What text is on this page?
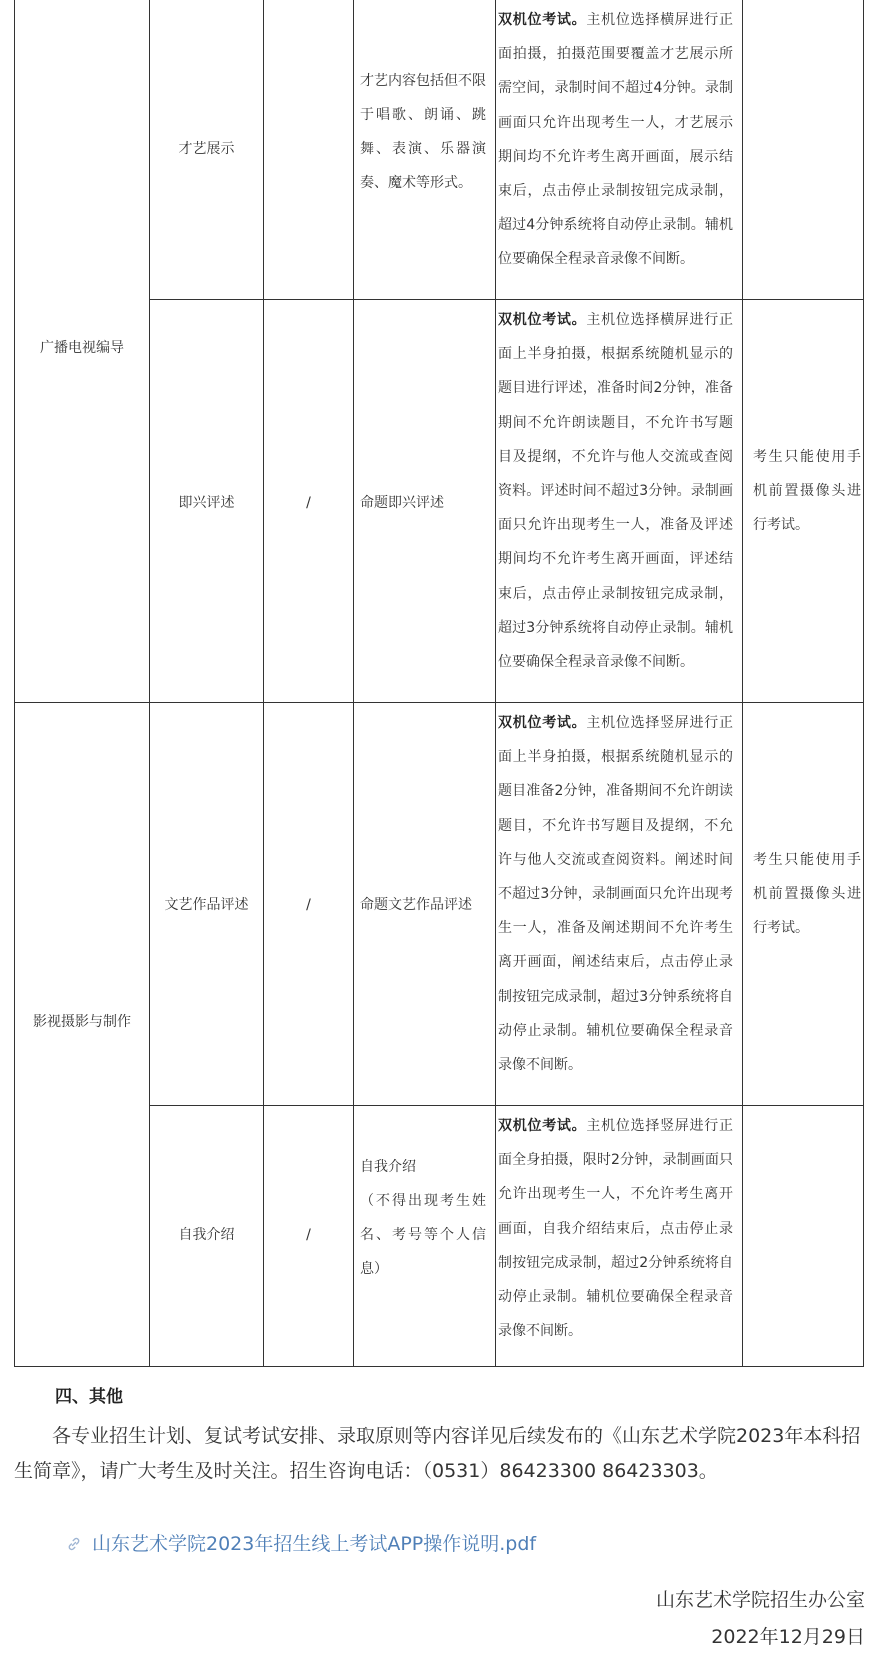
广播电视编导
影视摄影与制作
才艺展示
即兴评述
文艺作品评述
自我介绍
/
/
/
才艺内容包括但不限于唱歌、朗诵、跳舞、表演、乐器演奏、魔术等形式。
命题即兴评述
命题文艺作品评述
自我介绍
（不得出现考生姓名、考号等个人信息）
双机位考试。主机位选择横屏进行正面拍摄，拍摄范围要覆盖才艺展示所需空间，录制时间不超过4分钟。录制画面只允许出现考生一人，才艺展示期间均不允许考生离开画面，展示结束后，点击停止录制按钮完成录制，超过4分钟系统将自动停止录制。辅机位要确保全程录音录像不间断。
双机位考试。主机位选择横屏进行正面上半身拍摄，根据系统随机显示的题目进行评述，准备时间2分钟，准备期间不允许朗读题目，不允许书写题目及提纲，不允许与他人交流或查阅资料。评述时间不超过3分钟。录制画面只允许出现考生一人，准备及评述期间均不允许考生离开画面，评述结束后，点击停止录制按钮完成录制，超过3分钟系统将自动停止录制。辅机位要确保全程录音录像不间断。
双机位考试。主机位选择竖屏进行正面上半身拍摄，根据系统随机显示的题目准备2分钟，准备期间不允许朗读题目，不允许书写题目及提纲，不允许与他人交流或查阅资料。阐述时间不超过3分钟，录制画面只允许出现考生一人，准备及阐述期间不允许考生离开画面，阐述结束后，点击停止录制按钮完成录制，超过3分钟系统将自动停止录制。辅机位要确保全程录音录像不间断。
双机位考试。主机位选择竖屏进行正面全身拍摄，限时2分钟，录制画面只允许出现考生一人，不允许考生离开画面，自我介绍结束后，点击停止录制按钮完成录制，超过2分钟系统将自动停止录制。辅机位要确保全程录音录像不间断。
考生只能使用手机前置摄像头进行考试。
考生只能使用手机前置摄像头进行考试。
四、其他
各专业招生计划、复试考试安排、录取原则等内容详见后续发布的《山东艺术学院2023年本科招生简章》，请广大考生及时关注。招生咨询电话：（0531）86423300 86423303。
山东艺术学院2023年招生线上考试APP操作说明.pdf
山东艺术学院招生办公室
2022年12月29日
